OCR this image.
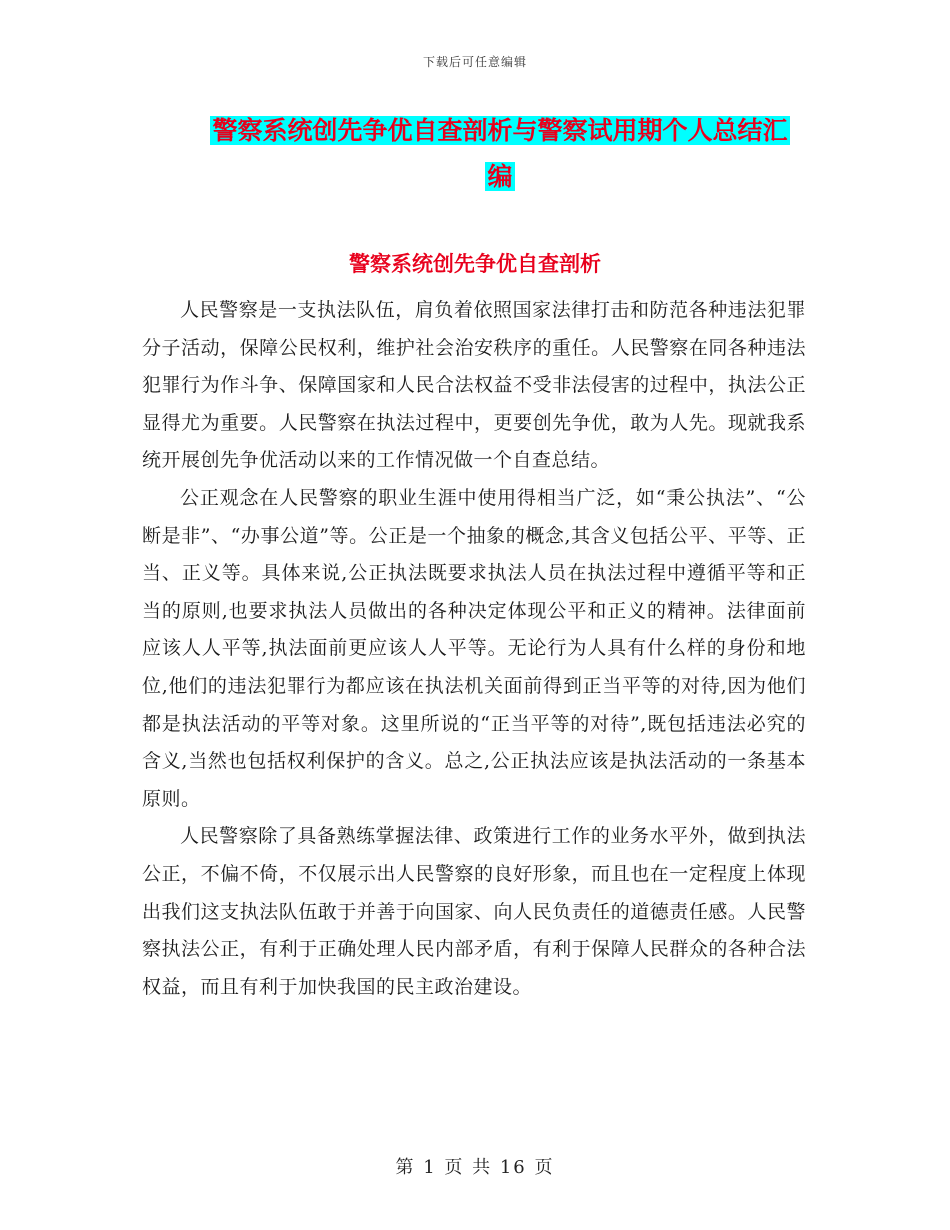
下载后可任意编辑
警察系统创先争优自查剖析与警察试用期个人总结汇
编
警察系统创先争优自查剖析

人民警察是一支执法队伍，肩负着依照国家法律打击和防范各种违法犯罪分子活动，保障公民权利，维护社会治安秩序的重任。人民警察在同各种违法犯罪行为作斗争、保障国家和人民合法权益不受非法侵害的过程中，执法公正显得尤为重要。人民警察在执法过程中，更要创先争优，敢为人先。现就我系统开展创先争优活动以来的工作情况做一个自查总结。

公正观念在人民警察的职业生涯中使用得相当广泛，如“秉公执法”、“公断是非”、“办事公道”等。公正是一个抽象的概念,其含义包括公平、平等、正当、正义等。具体来说,公正执法既要求执法人员在执法过程中遵循平等和正当的原则,也要求执法人员做出的各种决定体现公平和正义的精神。法律面前应该人人平等,执法面前更应该人人平等。无论行为人具有什么样的身份和地位,他们的违法犯罪行为都应该在执法机关面前得到正当平等的对待,因为他们都是执法活动的平等对象。这里所说的“正当平等的对待”,既包括违法必究的含义,当然也包括权利保护的含义。总之,公正执法应该是执法活动的一条基本原则。

人民警察除了具备熟练掌握法律、政策进行工作的业务水平外，做到执法公正，不偏不倚，不仅展示出人民警察的良好形象，而且也在一定程度上体现出我们这支执法队伍敢于并善于向国家、向人民负责任的道德责任感。人民警察执法公正，有利于正确处理人民内部矛盾，有利于保障人民群众的各种合法权益，而且有利于加快我国的民主政治建设。

第 1 页 共 16 页
